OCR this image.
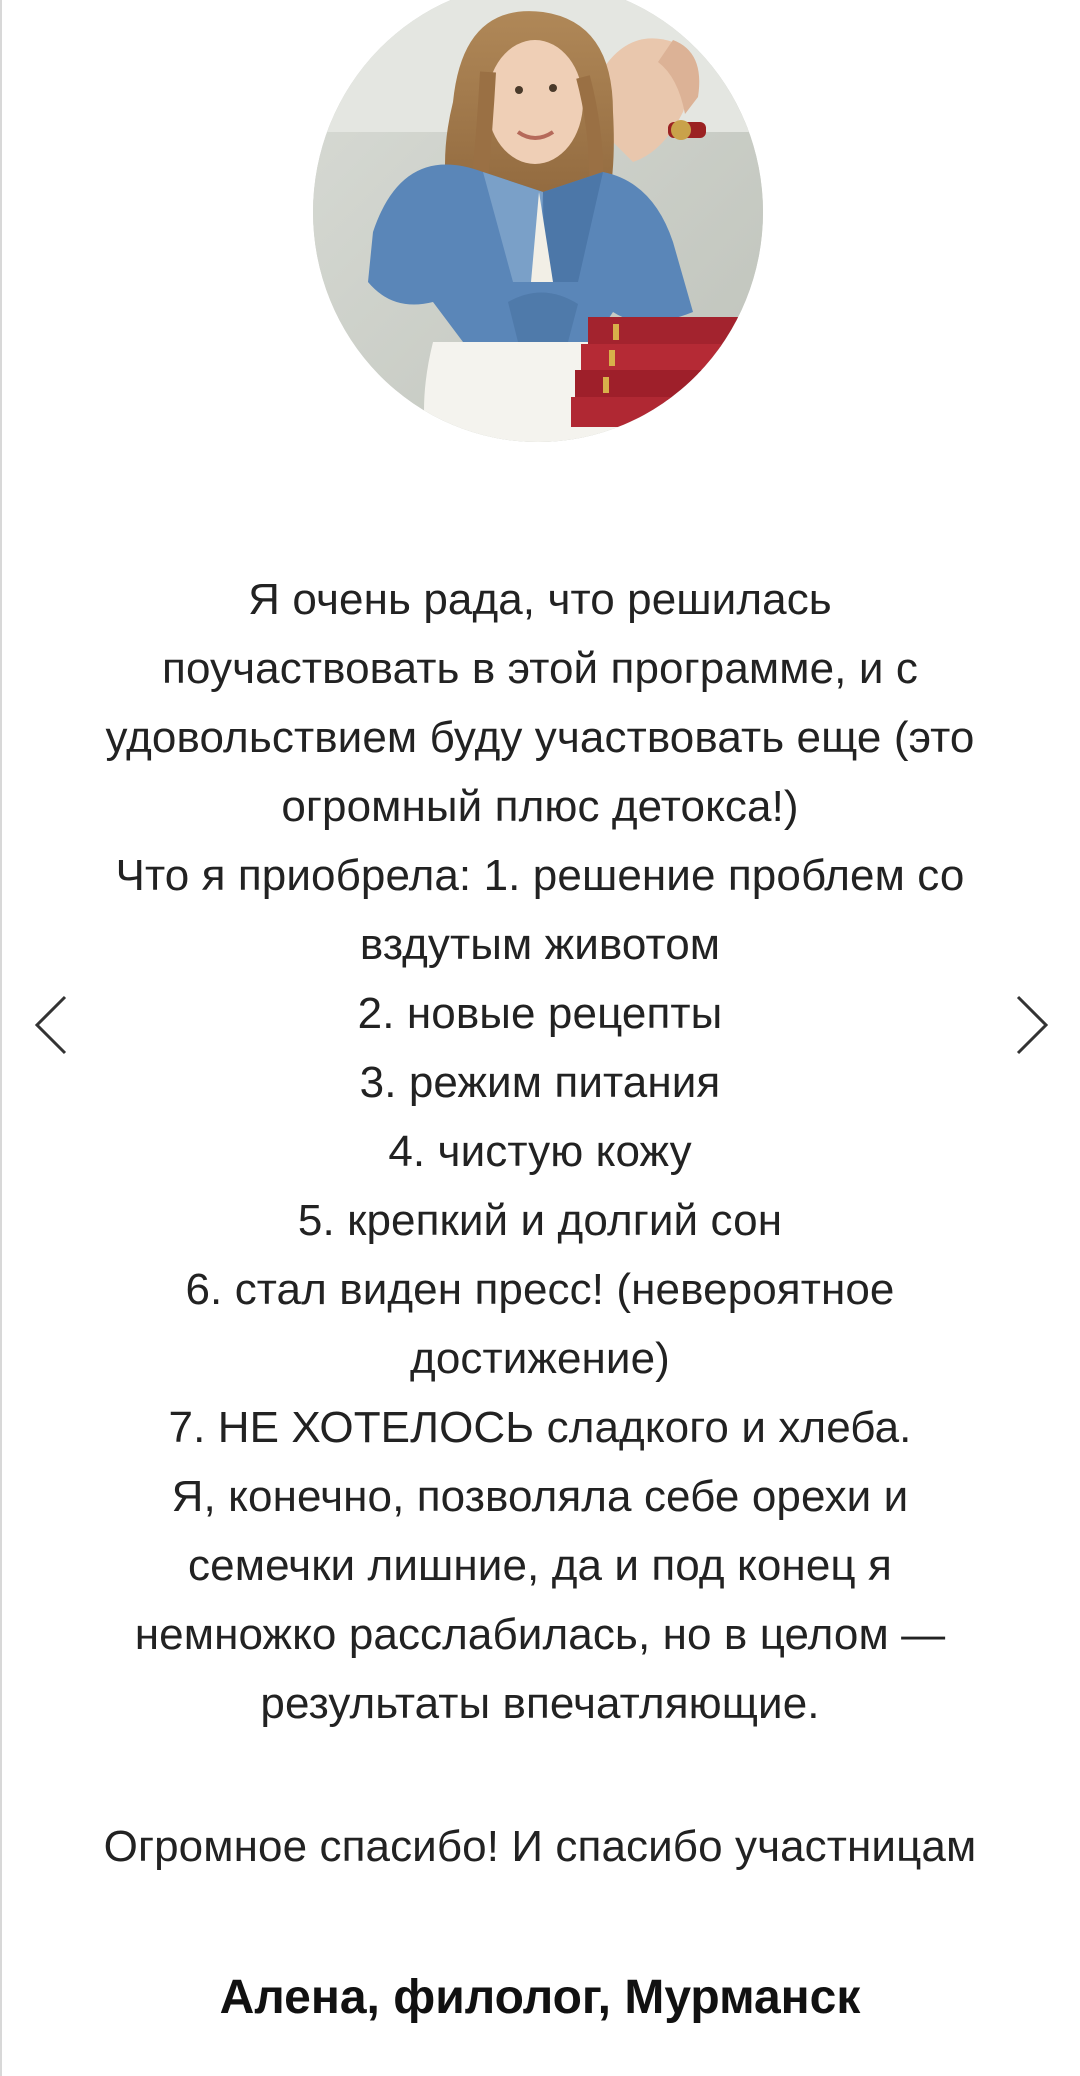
Я очень рада, что решилась
поучаствовать в этой программе, и с
удовольствием буду участвовать еще (это
огромный плюс детокса!)
Что я приобрела: 1. решение проблем со
вздутым животом
2. новые рецепты
3. режим питания
4. чистую кожу
5. крепкий и долгий сон
6. стал виден пресс! (невероятное
достижение)
7. НЕ ХОТЕЛОСЬ сладкого и хлеба.
Я, конечно, позволяла себе орехи и
семечки лишние, да и под конец я
немножко расслабилась, но в целом —
результаты впечатляющие.
Огромное спасибо! И спасибо участницам
Алена, филолог, Мурманск
